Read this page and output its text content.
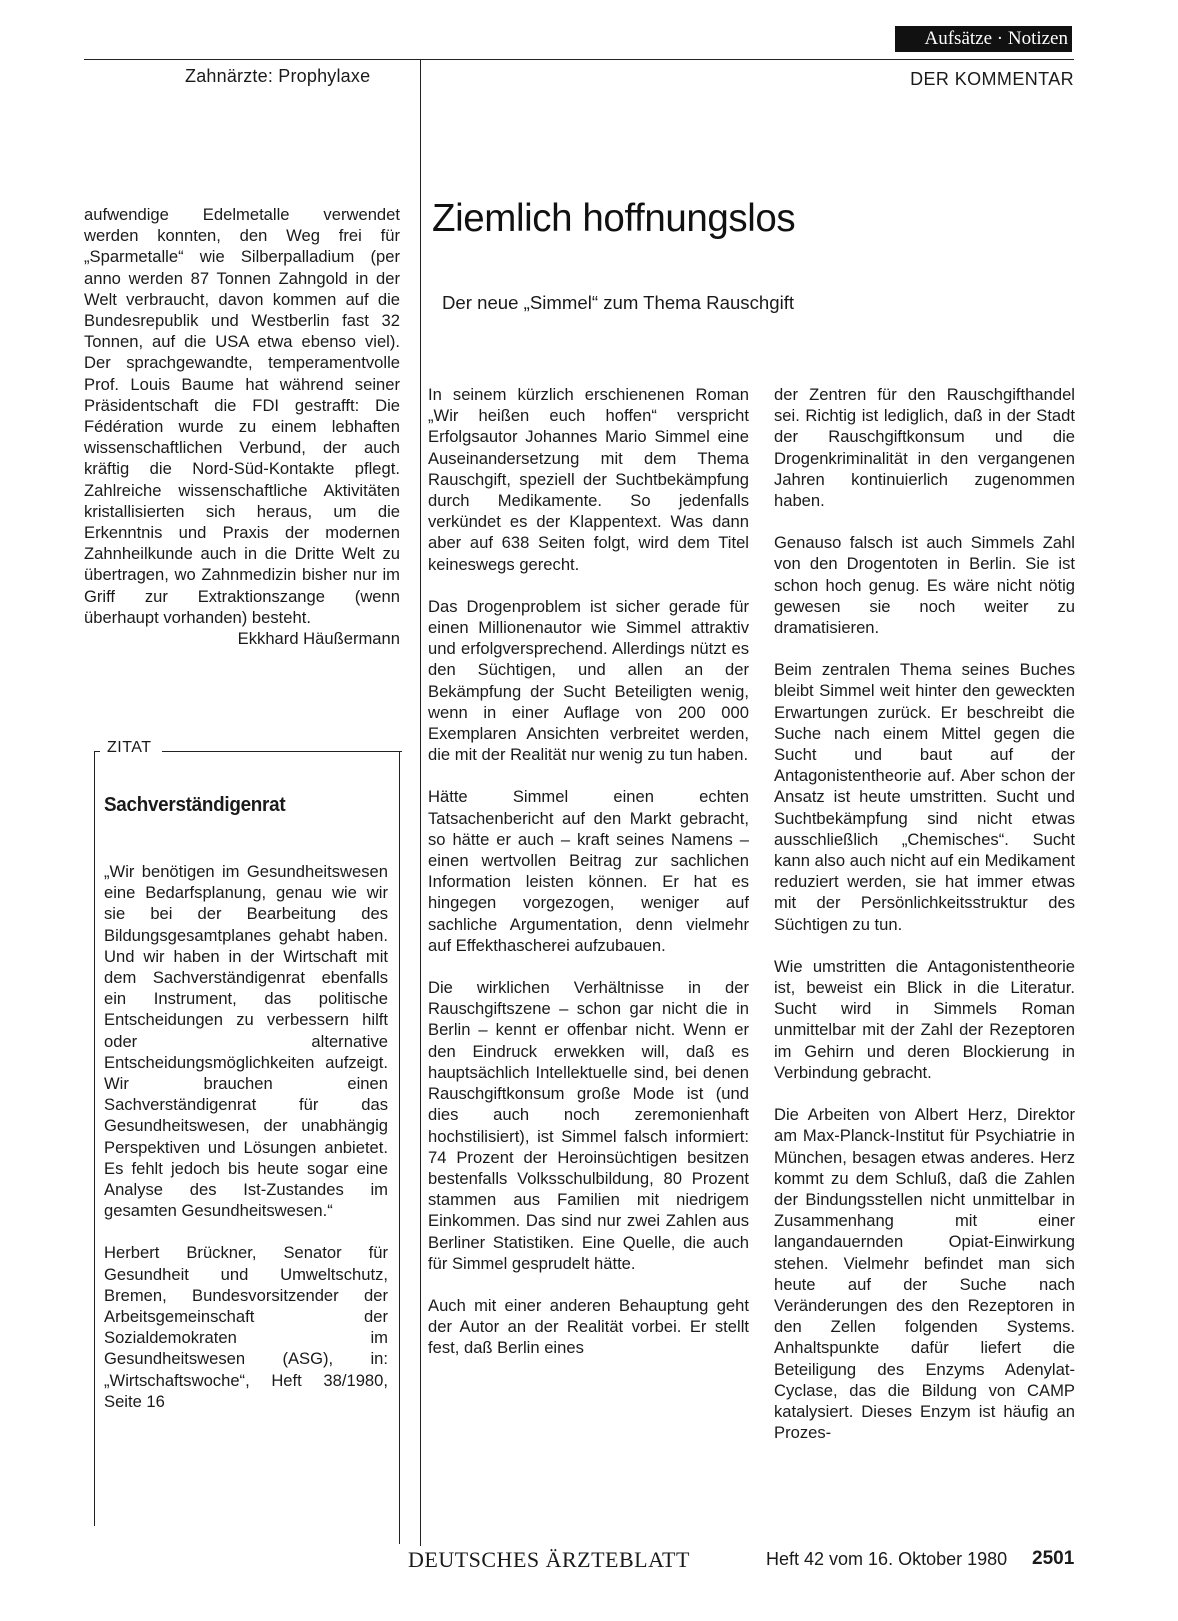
Aufsätze · Notizen
Zahnärzte: Prophylaxe	DER KOMMENTAR
aufwendige Edelmetalle verwendet werden konnten, den Weg frei für „Sparmetalle“ wie Silberpalladium (per anno werden 87 Tonnen Zahngold in der Welt verbraucht, davon kommen auf die Bundesrepublik und Westberlin fast 32 Tonnen, auf die USA etwa ebenso viel). Der sprachgewandte, temperamentvolle Prof. Louis Baume hat während seiner Präsidentschaft die FDI gestrafft: Die Fédération wurde zu einem lebhaften wissenschaftlichen Verbund, der auch kräftig die Nord-Süd-Kontakte pflegt. Zahlreiche wissenschaftliche Aktivitäten kristallisierten sich heraus, um die Erkenntnis und Praxis der modernen Zahnheilkunde auch in die Dritte Welt zu übertragen, wo Zahnmedizin bisher nur im Griff zur Extraktionszange (wenn überhaupt vorhanden) besteht.
Ekkhard Häußermann
ZITAT
Sachverständigenrat

„Wir benötigen im Gesundheitswesen eine Bedarfsplanung, genau wie wir sie bei der Bearbeitung des Bildungsgesamtplanes gehabt haben. Und wir haben in der Wirtschaft mit dem Sachverständigenrat ebenfalls ein Instrument, das politische Entscheidungen zu verbessern hilft oder alternative Entscheidungsmöglichkeiten aufzeigt. Wir brauchen einen Sachverständigenrat für das Gesundheitswesen, der unabhängig Perspektiven und Lösungen anbietet. Es fehlt jedoch bis heute sogar eine Analyse des Ist-Zustandes im gesamten Gesundheitswesen.“

Herbert Brückner, Senator für Gesundheit und Umweltschutz, Bremen, Bundesvorsitzender der Arbeitsgemeinschaft der Sozialdemokraten im Gesundheitswesen (ASG), in: „Wirtschaftswoche“, Heft 38/1980, Seite 16

Ziemlich hoffnungslos
Der neue „Simmel“ zum Thema Rauschgift

In seinem kürzlich erschienenen Roman „Wir heißen euch hoffen“ verspricht Erfolgsautor Johannes Mario Simmel eine Auseinandersetzung mit dem Thema Rauschgift, speziell der Suchtbekämpfung durch Medikamente. So jedenfalls verkündet es der Klappentext. Was dann aber auf 638 Seiten folgt, wird dem Titel keineswegs gerecht.

Das Drogenproblem ist sicher gerade für einen Millionenautor wie Simmel attraktiv und erfolgversprechend. Allerdings nützt es den Süchtigen, und allen an der Bekämpfung der Sucht Beteiligten wenig, wenn in einer Auflage von 200 000 Exemplaren Ansichten verbreitet werden, die mit der Realität nur wenig zu tun haben.

Hätte Simmel einen echten Tatsachenbericht auf den Markt gebracht, so hätte er auch – kraft seines Namens – einen wertvollen Beitrag zur sachlichen Information leisten können. Er hat es hingegen vorgezogen, weniger auf sachliche Argumentation, denn vielmehr auf Effekthascherei aufzubauen.

Die wirklichen Verhältnisse in der Rauschgiftszene – schon gar nicht die in Berlin – kennt er offenbar nicht. Wenn er den Eindruck erwekken will, daß es hauptsächlich Intellektuelle sind, bei denen Rauschgiftkonsum große Mode ist (und dies auch noch zeremonienhaft hochstilisiert), ist Simmel falsch informiert: 74 Prozent der Heroinsüchtigen besitzen bestenfalls Volksschulbildung, 80 Prozent stammen aus Familien mit niedrigem Einkommen. Das sind nur zwei Zahlen aus Berliner Statistiken. Eine Quelle, die auch für Simmel gesprudelt hätte.

Auch mit einer anderen Behauptung geht der Autor an der Realität vorbei. Er stellt fest, daß Berlin eines

der Zentren für den Rauschgifthandel sei. Richtig ist lediglich, daß in der Stadt der Rauschgiftkonsum und die Drogenkriminalität in den vergangenen Jahren kontinuierlich zugenommen haben.

Genauso falsch ist auch Simmels Zahl von den Drogentoten in Berlin. Sie ist schon hoch genug. Es wäre nicht nötig gewesen sie noch weiter zu dramatisieren.

Beim zentralen Thema seines Buches bleibt Simmel weit hinter den geweckten Erwartungen zurück. Er beschreibt die Suche nach einem Mittel gegen die Sucht und baut auf der Antagonistentheorie auf. Aber schon der Ansatz ist heute umstritten. Sucht und Suchtbekämpfung sind nicht etwas ausschließlich „Chemisches“. Sucht kann also auch nicht auf ein Medikament reduziert werden, sie hat immer etwas mit der Persönlichkeitsstruktur des Süchtigen zu tun.

Wie umstritten die Antagonistentheorie ist, beweist ein Blick in die Literatur. Sucht wird in Simmels Roman unmittelbar mit der Zahl der Rezeptoren im Gehirn und deren Blockierung in Verbindung gebracht.

Die Arbeiten von Albert Herz, Direktor am Max-Planck-Institut für Psychiatrie in München, besagen etwas anderes. Herz kommt zu dem Schluß, daß die Zahlen der Bindungsstellen nicht unmittelbar in Zusammenhang mit einer langandauernden Opiat-Einwirkung stehen. Vielmehr befindet man sich heute auf der Suche nach Veränderungen des den Rezeptoren in den Zellen folgenden Systems. Anhaltspunkte dafür liefert die Beteiligung des Enzyms Adenylat-Cyclase, das die Bildung von CAMP katalysiert. Dieses Enzym ist häufig an Prozes-

DEUTSCHES ÄRZTEBLATT	Heft 42 vom 16. Oktober 1980 2501
